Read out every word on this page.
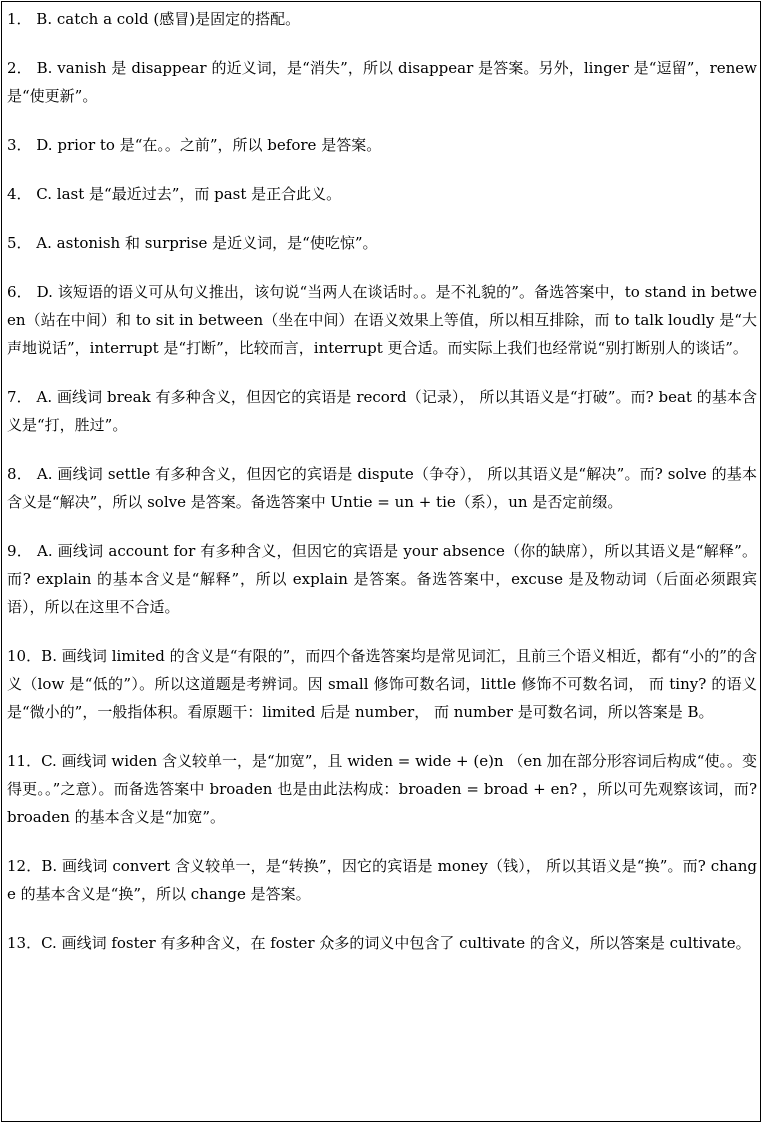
1． B. catch a cold (感冒)是固定的搭配。

2． B. vanish 是 disappear 的近义词，是“消失”，所以 disappear 是答案。另外，linger 是“逗留”，renew 是“使更新”。

3． D. prior to 是“在。。之前”，所以 before 是答案。

4． C. last 是“最近过去”，而 past 是正合此义。

5． A. astonish 和 surprise 是近义词，是“使吃惊”。

6． D. 该短语的语义可从句义推出，该句说“当两人在谈话时。。是不礼貌的”。备选答案中，to stand in between（站在中间）和 to sit in between（坐在中间）在语义效果上等值，所以相互排除，而 to talk loudly 是“大声地说话”，interrupt 是“打断”，比较而言，interrupt 更合适。而实际上我们也经常说“别打断别人的谈话”。

7． A. 画线词 break 有多种含义，但因它的宾语是 record（记录）， 所以其语义是“打破”。而? beat 的基本含义是“打，胜过”。

8． A. 画线词 settle 有多种含义，但因它的宾语是 dispute（争夺）， 所以其语义是“解决”。而? solve 的基本含义是“解决”，所以 solve 是答案。备选答案中 Untie = un + tie（系），un 是否定前缀。

9． A. 画线词 account for 有多种含义，但因它的宾语是 your absence（你的缺席），所以其语义是“解释”。 而? explain 的基本含义是“解释”，所以 explain 是答案。备选答案中，excuse 是及物动词（后面必须跟宾语），所以在这里不合适。

10．B. 画线词 limited 的含义是“有限的”，而四个备选答案均是常见词汇，且前三个语义相近，都有“小的”的含义（low 是“低的”）。所以这道题是考辨词。因 small 修饰可数名词，little 修饰不可数名词， 而 tiny? 的语义是“微小的”，一般指体积。看原题干：limited 后是 number， 而 number 是可数名词，所以答案是 B。

11．C. 画线词 widen 含义较单一，是“加宽”，且 widen = wide + (e)n （en 加在部分形容词后构成“使。。变得更。。”之意）。而备选答案中 broaden 也是由此法构成：broaden = broad + en? ，所以可先观察该词，而? broaden 的基本含义是“加宽”。

12．B. 画线词 convert 含义较单一，是“转换”，因它的宾语是 money（钱）， 所以其语义是“换”。而? change 的基本含义是“换”，所以 change 是答案。

13．C. 画线词 foster 有多种含义，在 foster 众多的词义中包含了 cultivate 的含义，所以答案是 cultivate。
